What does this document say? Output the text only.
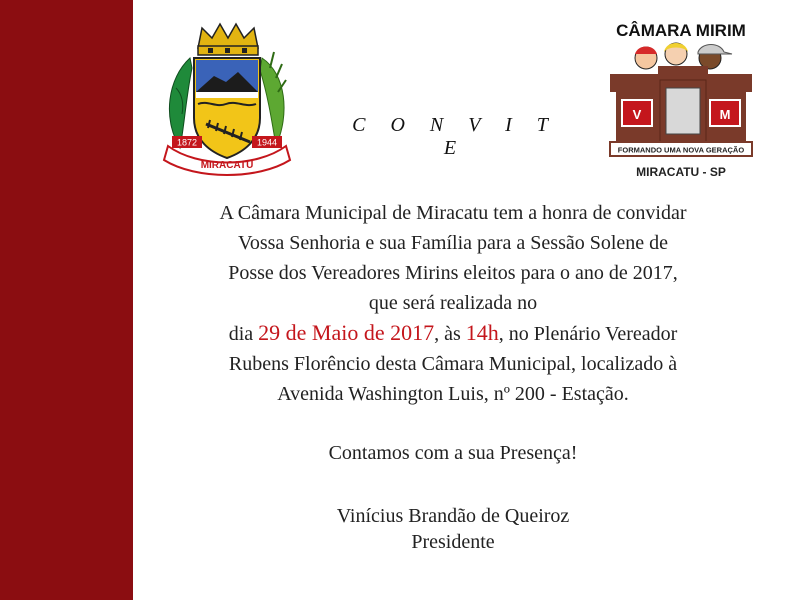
1872	1944
MIRACATU
CÂMARA MIRIM
V	M
FORMANDO UMA NOVA GERAÇÃO
MIRACATU - SP
C O N V I T E
A Câmara Municipal de Miracatu tem a honra de convidar
Vossa Senhoria e sua Família para a Sessão Solene de
Posse dos Vereadores Mirins eleitos para o ano de 2017,
que será realizada no
dia 29 de Maio de 2017, às 14h, no Plenário Vereador
Rubens Florêncio desta Câmara Municipal, localizado à
Avenida Washington Luis, nº 200 - Estação.
Contamos com a sua Presença!
Vinícius Brandão de Queiroz
Presidente
